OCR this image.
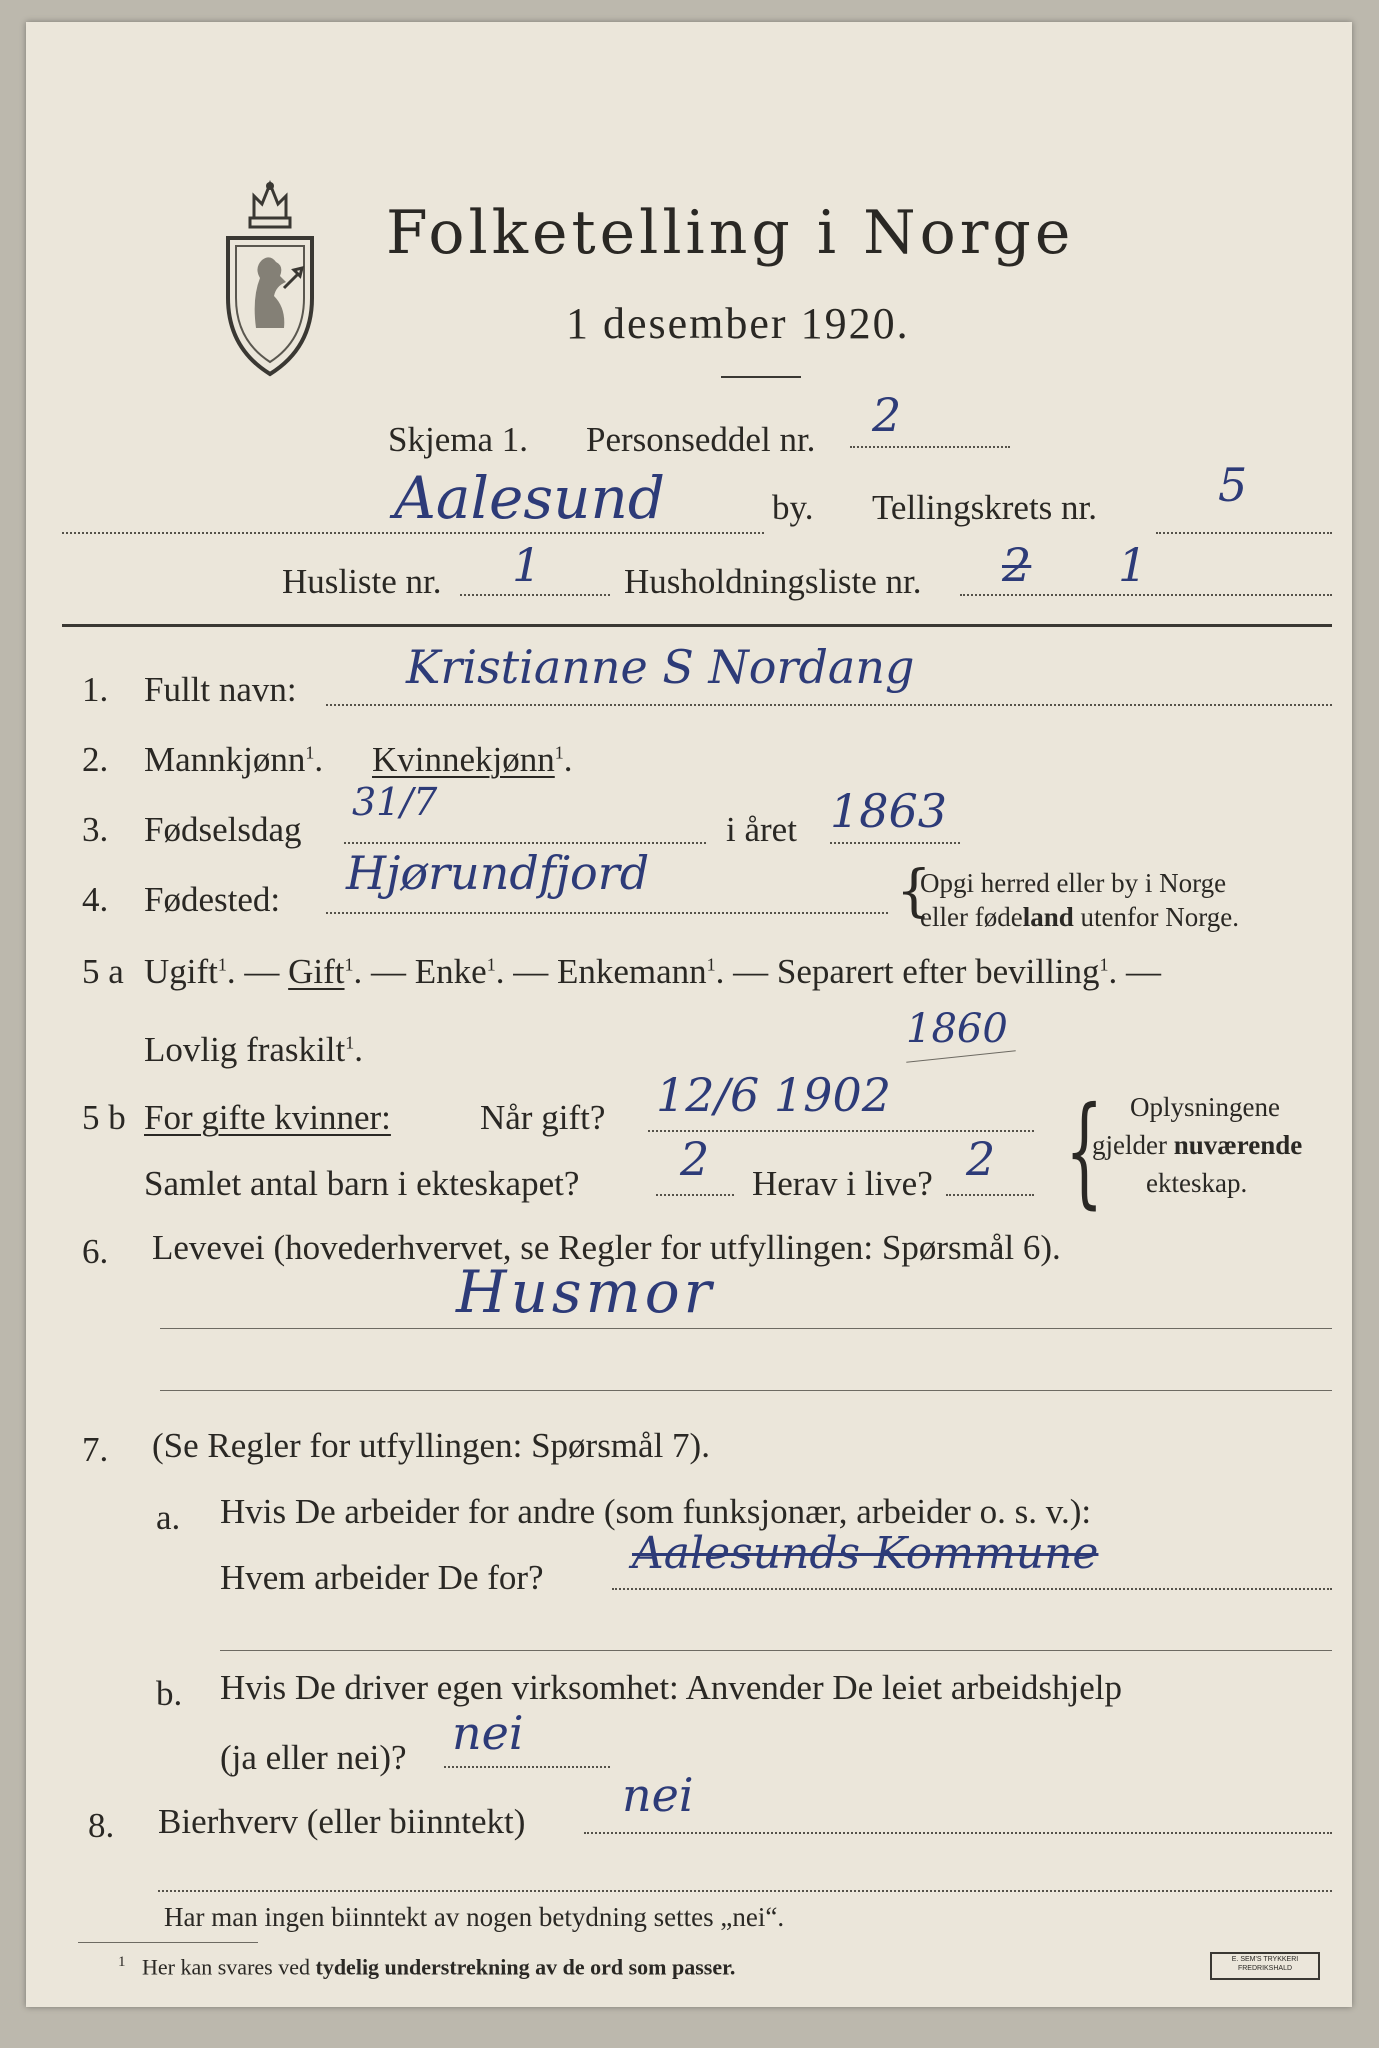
Folketelling i Norge
1 desember 1920.
Skjema 1. Personseddel nr. 2
Aalesund	by. Tellingskrets nr.	5
Husliste nr. 1 Husholdningsliste nr. 2 1
1. Fullt navn: Kristianne S Nordang
2. Mannkjønn$^1$. Kvinnekjønn$^1$.
3. Fødselsdag
31/7
i året 1863
4. Fødested: Hjørundfjord	{
Opgi herred eller by i Norge
eller fødeland utenfor Norge.
5 a Ugift$^1$. — Gift$^1$. — Enke$^1$. — Enkemann$^1$. — Separert efter bevilling$^1$. —
Lovlig fraskilt$^1$.	1860
5 b For gifte kvinner:	Når gift? 12/6 1902
Samlet antal barn i ekteskapet? 2 Herav i live? 2 { Oplysningene
gjelder nuværende
ekteskap.
6. Levevei (hovederhvervet, se Regler for utfyllingen: Spørsmål 6).
Husmor
7. (Se Regler for utfyllingen: Spørsmål 7).
a. Hvis De arbeider for andre (som funksjonær, arbeider o. s. v.):
Hvem arbeider De for? Aalesunds Kommune
b. Hvis De driver egen virksomhet: Anvender De leiet arbeidshjelp
(ja eller nei)? nei
8. Bierhverv (eller biinntekt) nei
Har man ingen biinntekt av nogen betydning settes „nei“.
$^1$ Her kan svares ved tydelig understrekning av de ord som passer.	E. SEM'S TRYKKERI FREDRIKSHALD
